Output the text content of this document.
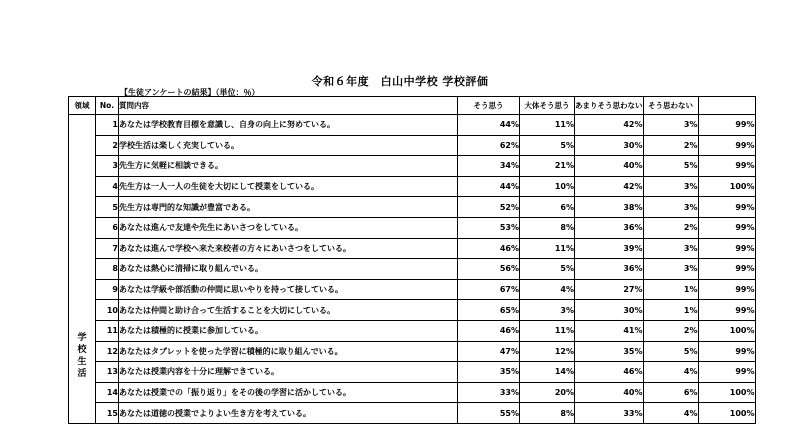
令和６年度　白山中学校 学校評価
【生徒アンケートの結果】（単位：％）
領域	No.	質問内容	そう思う	大体そう思う	あまりそう思わない	そう思わない	

学
校
生
活	1	あなたは学校教育目標を意識し、自身の向上に努めている。	44%	11%	42%	3%	99%
	2	学校生活は楽しく充実している。	62%	5%	30%	2%	99%
	3	先生方に気軽に相談できる。	34%	21%	40%	5%	99%
	4	先生方は一人一人の生徒を大切にして授業をしている。	44%	10%	42%	3%	100%
	5	先生方は専門的な知識が豊富である。	52%	6%	38%	3%	99%
	6	あなたは進んで友達や先生にあいさつをしている。	53%	8%	36%	2%	99%
	7	あなたは進んで学校へ来た来校者の方々にあいさつをしている。	46%	11%	39%	3%	99%
	8	あなたは熱心に清掃に取り組んでいる。	56%	5%	36%	3%	99%
	9	あなたは学級や部活動の仲間に思いやりを持って接している。	67%	4%	27%	1%	99%
	10	あなたは仲間と助け合って生活することを大切にしている。	65%	3%	30%	1%	99%
	11	あなたは積極的に授業に参加している。	46%	11%	41%	2%	100%
	12	あなたはタブレットを使った学習に積極的に取り組んでいる。	47%	12%	35%	5%	99%
	13	あなたは授業内容を十分に理解できている。	35%	14%	46%	4%	99%
	14	あなたは授業での「振り返り」をその後の学習に活かしている。	33%	20%	40%	6%	100%
	15	あなたは道徳の授業でよりよい生き方を考えている。	55%	8%	33%	4%	100%
